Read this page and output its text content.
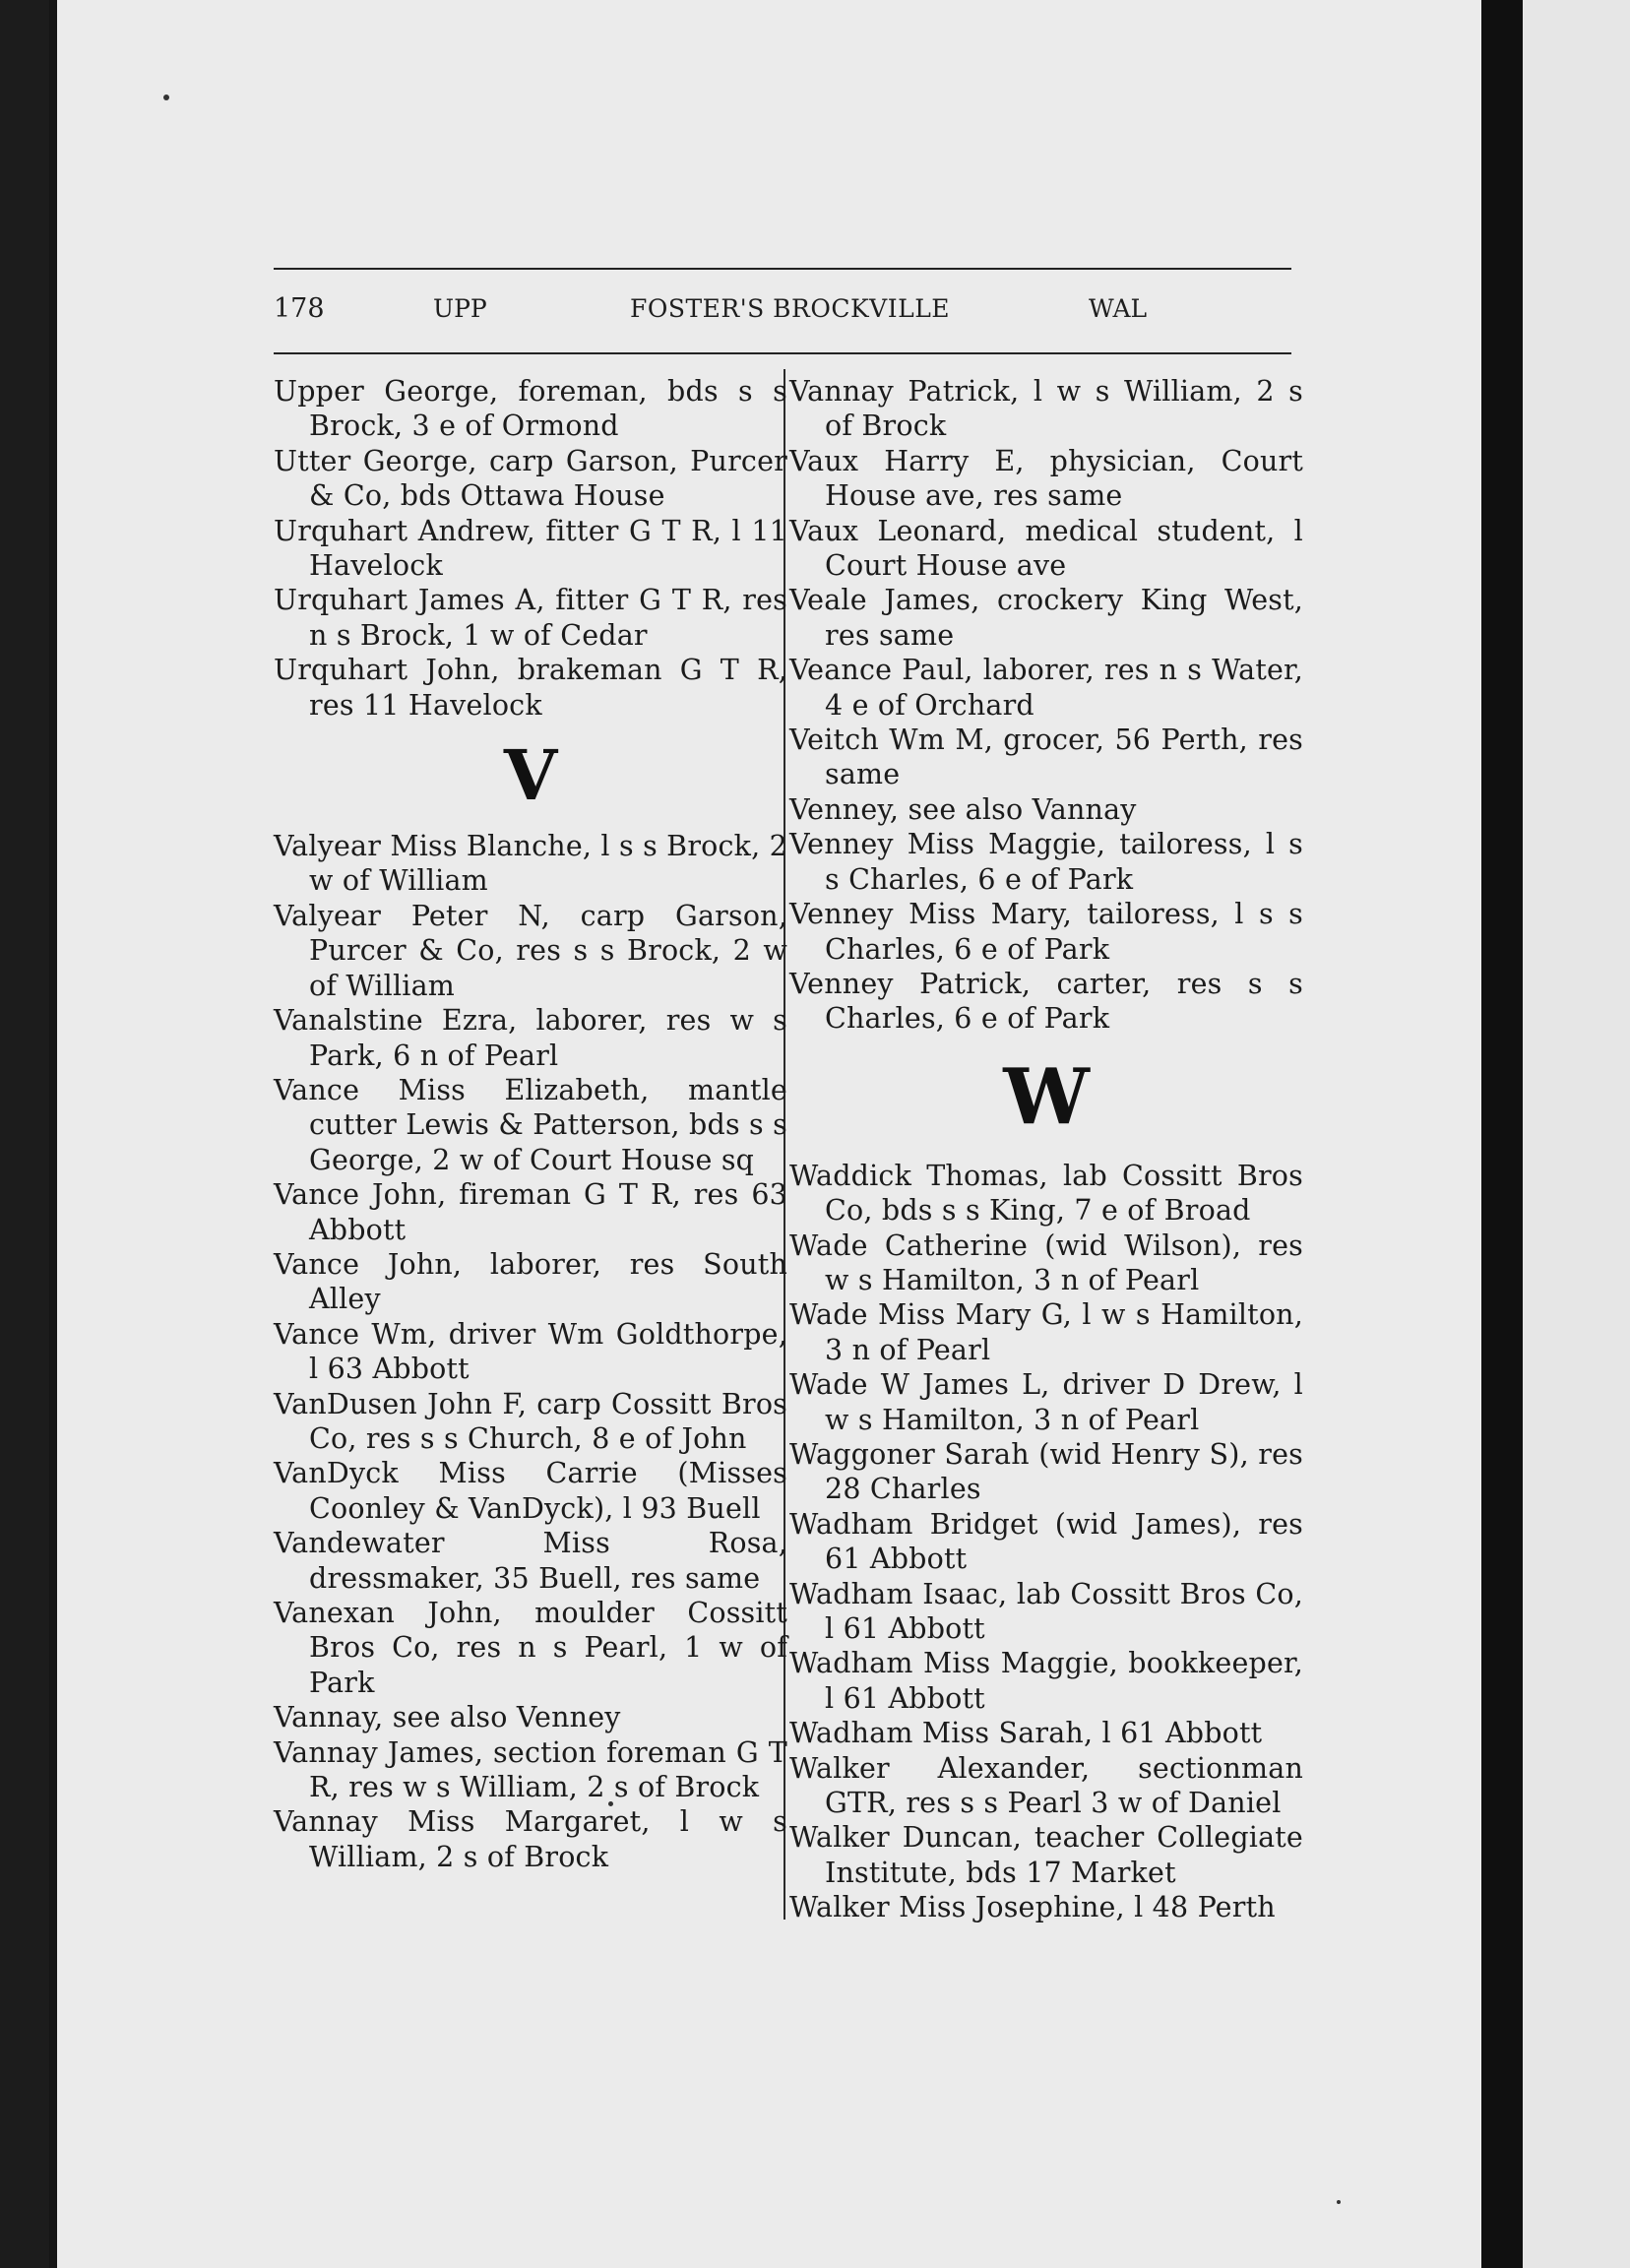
178	UPP	FOSTER'S BROCKVILLE	WAL
Upper George, foreman, bds s s Brock, 3 e of Ormond
Utter George, carp Garson, Purcer & Co, bds Ottawa House
Urquhart Andrew, fitter G T R, l 11 Havelock
Urquhart James A, fitter G T R, res n s Brock, 1 w of Cedar
Urquhart John, brakeman G T R, res 11 Havelock
V
Valyear Miss Blanche, l s s Brock, 2 w of William
Valyear Peter N, carp Garson, Purcer & Co, res s s Brock, 2 w of William
Vanalstine Ezra, laborer, res w s Park, 6 n of Pearl
Vance Miss Elizabeth, mantle cutter Lewis & Patterson, bds s s George, 2 w of Court House sq
Vance John, fireman G T R, res 63 Abbott
Vance John, laborer, res South Alley
Vance Wm, driver Wm Goldthorpe, l 63 Abbott
VanDusen John F, carp Cossitt Bros Co, res s s Church, 8 e of John
VanDyck Miss Carrie (Misses Coonley & VanDyck), l 93 Buell
Vandewater Miss Rosa, dressmaker, 35 Buell, res same
Vanexan John, moulder Cossitt Bros Co, res n s Pearl, 1 w of Park
Vannay, see also Venney
Vannay James, section foreman G T R, res w s William, 2 s of Brock
Vannay Miss Margaret, l w s William, 2 s of Brock
Vannay Patrick, l w s William, 2 s of Brock
Vaux Harry E, physician, Court House ave, res same
Vaux Leonard, medical student, l Court House ave
Veale James, crockery King West, res same
Veance Paul, laborer, res n s Water, 4 e of Orchard
Veitch Wm M, grocer, 56 Perth, res same
Venney, see also Vannay
Venney Miss Maggie, tailoress, l s s Charles, 6 e of Park
Venney Miss Mary, tailoress, l s s Charles, 6 e of Park
Venney Patrick, carter, res s s Charles, 6 e of Park
W
Waddick Thomas, lab Cossitt Bros Co, bds s s King, 7 e of Broad
Wade Catherine (wid Wilson), res w s Hamilton, 3 n of Pearl
Wade Miss Mary G, l w s Hamilton, 3 n of Pearl
Wade W James L, driver D Drew, l w s Hamilton, 3 n of Pearl
Waggoner Sarah (wid Henry S), res 28 Charles
Wadham Bridget (wid James), res 61 Abbott
Wadham Isaac, lab Cossitt Bros Co, l 61 Abbott
Wadham Miss Maggie, bookkeeper, l 61 Abbott
Wadham Miss Sarah, l 61 Abbott
Walker Alexander, sectionman GTR, res s s Pearl 3 w of Daniel
Walker Duncan, teacher Collegiate Institute, bds 17 Market
Walker Miss Josephine, l 48 Perth
